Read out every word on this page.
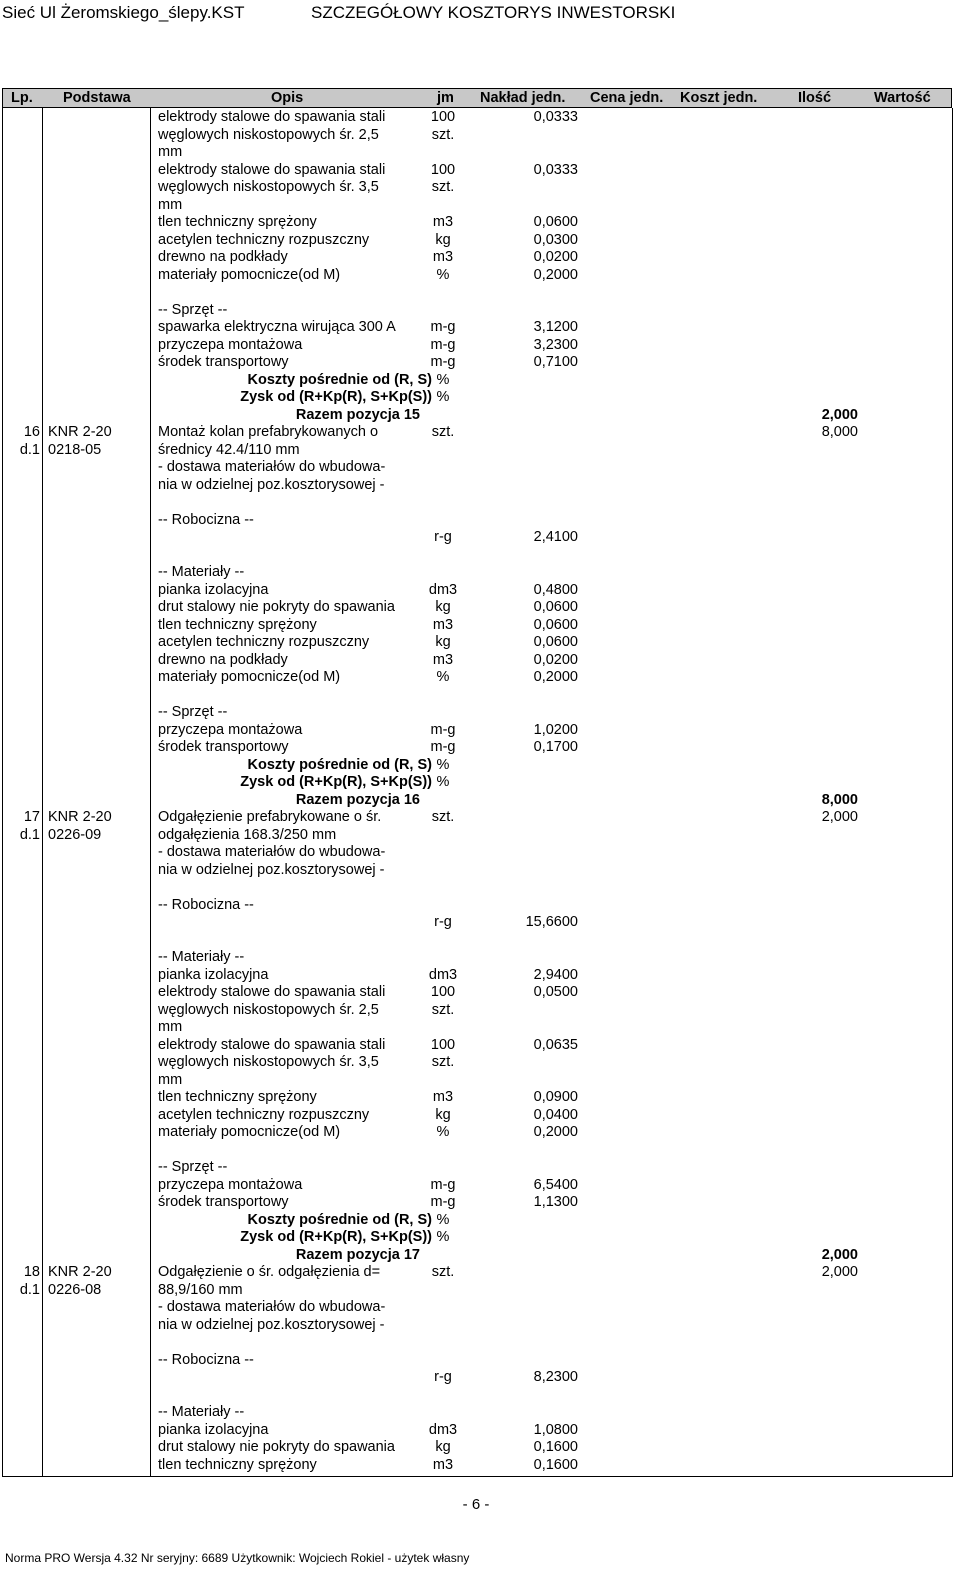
Sieć Ul Żeromskiego_ślepy.KST	SZCZEGÓŁOWY KOSZTORYS INWESTORSKI
Lp. Podstawa	Opis	jm Nakład jedn. Cena jedn. Koszt jedn.	Ilość	Wartość
elektrody stalowe do spawania stali	100	0,0333
węglowych niskostopowych śr. 2,5	szt.
mm
elektrody stalowe do spawania stali	100	0,0333
węglowych niskostopowych śr. 3,5	szt.
mm
tlen techniczny sprężony	m3	0,0600
acetylen techniczny rozpuszczny	kg	0,0300
drewno na podkłady	m3	0,0200
materiały pomocnicze(od M)	%	0,2000
-- Sprzęt --
spawarka elektryczna wirująca 300 A	m-g	3,1200
przyczepa montażowa	m-g	3,2300
środek transportowy	m-g	0,7100
Koszty pośrednie od (R, S) %
Zysk od (R+Kp(R), S+Kp(S)) %
Razem pozycja 15	2,000
16 KNR 2-20	Montaż kolan prefabrykowanych o	szt.	8,000
d.1 0218-05	średnicy 42.4/110 mm
- dostawa materiałów do wbudowa-
nia w odzielnej poz.kosztorysowej -
-- Robocizna --
r-g	2,4100
-- Materiały --
pianka izolacyjna	dm3	0,4800
drut stalowy nie pokryty do spawania	kg	0,0600
tlen techniczny sprężony	m3	0,0600
acetylen techniczny rozpuszczny	kg	0,0600
drewno na podkłady	m3	0,0200
materiały pomocnicze(od M)	%	0,2000
-- Sprzęt --
przyczepa montażowa	m-g	1,0200
środek transportowy	m-g	0,1700
Koszty pośrednie od (R, S) %
Zysk od (R+Kp(R), S+Kp(S)) %
Razem pozycja 16	8,000
17 KNR 2-20	Odgałęzienie prefabrykowane o śr.	szt.	2,000
d.1 0226-09	odgałęzienia 168.3/250 mm
- dostawa materiałów do wbudowa-
nia w odzielnej poz.kosztorysowej -
-- Robocizna --
r-g	15,6600
-- Materiały --
pianka izolacyjna	dm3	2,9400
elektrody stalowe do spawania stali	100	0,0500
węglowych niskostopowych śr. 2,5	szt.
mm
elektrody stalowe do spawania stali	100	0,0635
węglowych niskostopowych śr. 3,5	szt.
mm
tlen techniczny sprężony	m3	0,0900
acetylen techniczny rozpuszczny	kg	0,0400
materiały pomocnicze(od M)	%	0,2000
-- Sprzęt --
przyczepa montażowa	m-g	6,5400
środek transportowy	m-g	1,1300
Koszty pośrednie od (R, S) %
Zysk od (R+Kp(R), S+Kp(S)) %
Razem pozycja 17	2,000
18 KNR 2-20	Odgałęzienie o śr. odgałęzienia d=	szt.	2,000
d.1 0226-08	88,9/160 mm
- dostawa materiałów do wbudowa-
nia w odzielnej poz.kosztorysowej -
-- Robocizna --
r-g	8,2300
-- Materiały --
pianka izolacyjna	dm3	1,0800
drut stalowy nie pokryty do spawania	kg	0,1600
tlen techniczny sprężony	m3	0,1600
- 6 -
Norma PRO Wersja 4.32 Nr seryjny: 6689 Użytkownik: Wojciech Rokiel - użytek własny
